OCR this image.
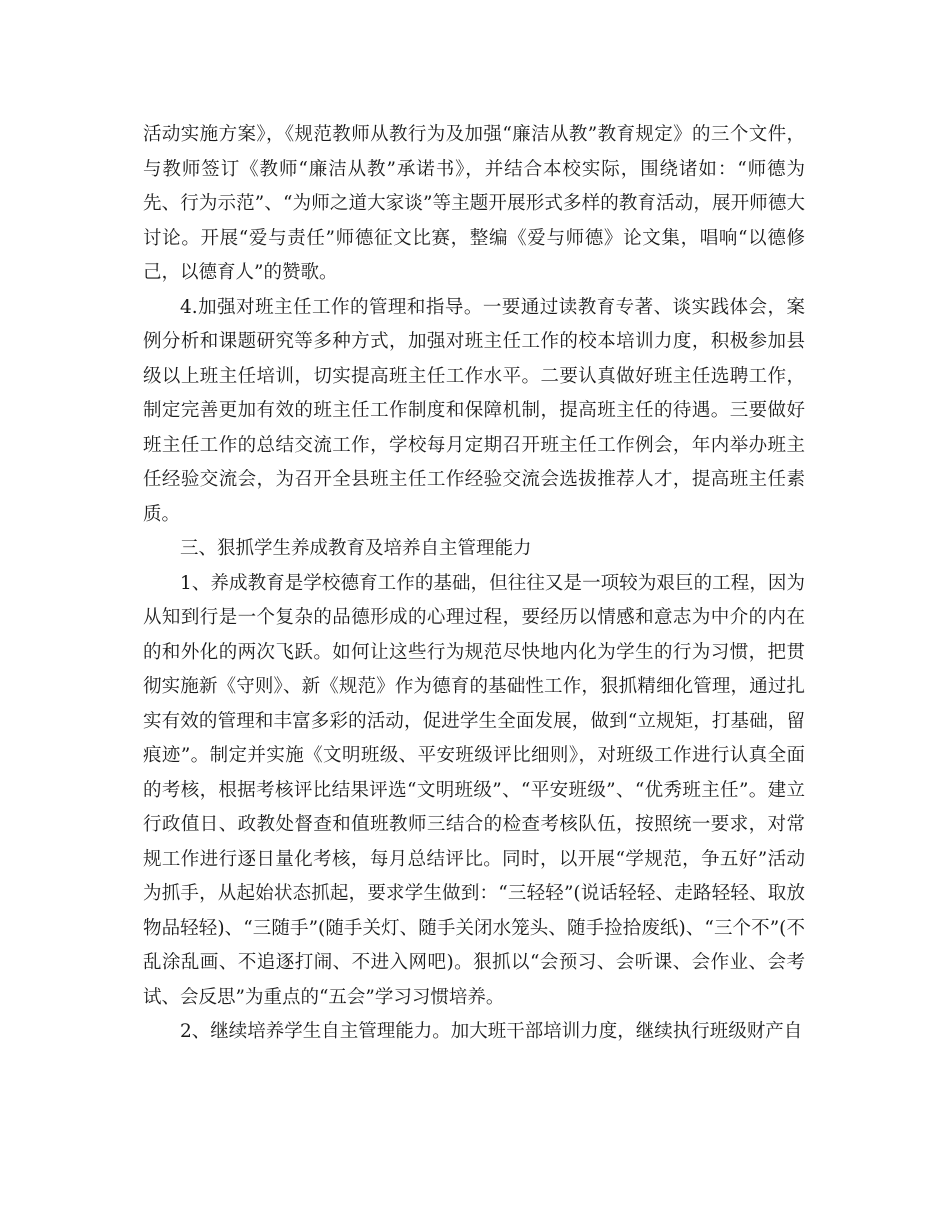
活动实施方案》，《规范教师从教行为及加强“廉洁从教”教育规定》的三个文件，与教师签订《教师“廉洁从教”承诺书》，并结合本校实际，围绕诸如：“师德为先、行为示范”、“为师之道大家谈”等主题开展形式多样的教育活动，展开师德大讨论。开展“爱与责任”师德征文比赛，整编《爱与师德》论文集，唱响“以德修己，以德育人”的赞歌。

4.加强对班主任工作的管理和指导。一要通过读教育专著、谈实践体会，案例分析和课题研究等多种方式，加强对班主任工作的校本培训力度，积极参加县级以上班主任培训，切实提高班主任工作水平。二要认真做好班主任选聘工作，制定完善更加有效的班主任工作制度和保障机制，提高班主任的待遇。三要做好班主任工作的总结交流工作，学校每月定期召开班主任工作例会，年内举办班主任经验交流会，为召开全县班主任工作经验交流会选拔推荐人才，提高班主任素质。

三、狠抓学生养成教育及培养自主管理能力

1、养成教育是学校德育工作的基础，但往往又是一项较为艰巨的工程，因为从知到行是一个复杂的品德形成的心理过程，要经历以情感和意志为中介的内在的和外化的两次飞跃。如何让这些行为规范尽快地内化为学生的行为习惯，把贯彻实施新《守则》、新《规范》作为德育的基础性工作，狠抓精细化管理，通过扎实有效的管理和丰富多彩的活动，促进学生全面发展，做到“立规矩，打基础，留痕迹”。制定并实施《文明班级、平安班级评比细则》，对班级工作进行认真全面的考核，根据考核评比结果评选“文明班级”、“平安班级”、“优秀班主任”。建立行政值日、政教处督查和值班教师三结合的检查考核队伍，按照统一要求，对常规工作进行逐日量化考核，每月总结评比。同时，以开展“学规范，争五好”活动为抓手，从起始状态抓起，要求学生做到：“三轻轻”(说话轻轻、走路轻轻、取放物品轻轻)、“三随手”(随手关灯、随手关闭水笼头、随手捡拾废纸)、“三个不”(不乱涂乱画、不追逐打闹、不进入网吧)。狠抓以“会预习、会听课、会作业、会考试、会反思”为重点的“五会”学习习惯培养。

2、继续培养学生自主管理能力。加大班干部培训力度，继续执行班级财产自
